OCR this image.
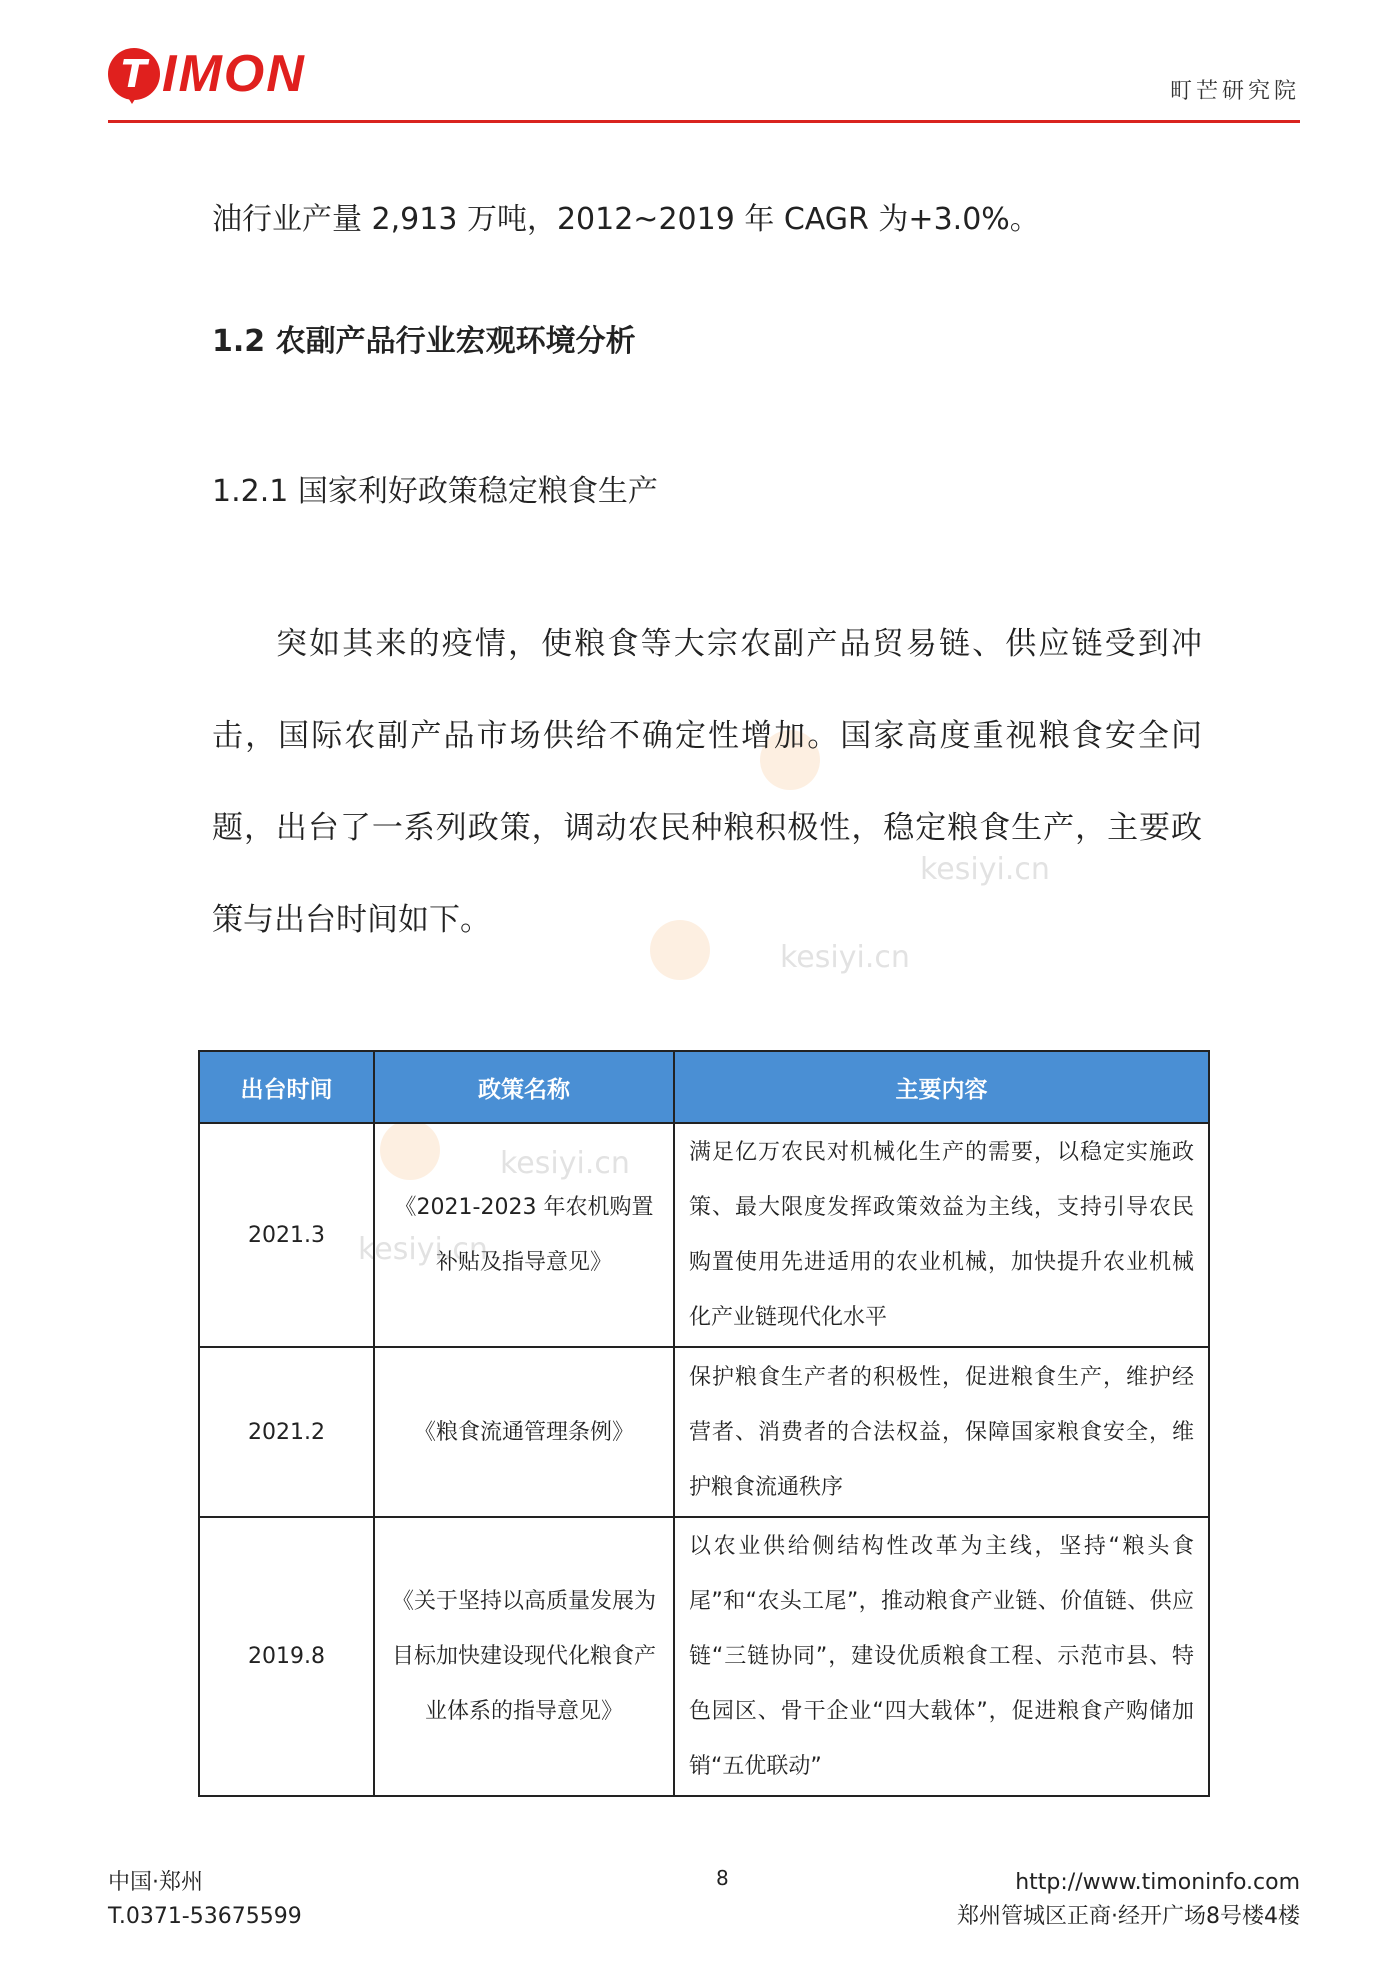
T IMON	町芒研究院
kesiyi.cn
kesiyi.cn
kesiyi.cn
kesiyi.cn
油行业产量 2,913 万吨，2012~2019 年 CAGR 为+3.0%。
1.2 农副产品行业宏观环境分析
1.2.1 国家利好政策稳定粮食生产
突如其来的疫情，使粮食等大宗农副产品贸易链、供应链受到冲击，国际农副产品市场供给不确定性增加。国家高度重视粮食安全问题，出台了一系列政策，调动农民种粮积极性，稳定粮食生产，主要政策与出台时间如下。
出台时间	政策名称	主要内容
2021.3	《2021-2023 年农机购置补贴及指导意见》	满足亿万农民对机械化生产的需要，以稳定实施政策、最大限度发挥政策效益为主线，支持引导农民购置使用先进适用的农业机械，加快提升农业机械化产业链现代化水平
2021.2	《粮食流通管理条例》	保护粮食生产者的积极性，促进粮食生产，维护经营者、消费者的合法权益，保障国家粮食安全，维护粮食流通秩序
2019.8	《关于坚持以高质量发展为目标加快建设现代化粮食产业体系的指导意见》	以农业供给侧结构性改革为主线，坚持“粮头食尾”和“农头工尾”，推动粮食产业链、价值链、供应链“三链协同”，建设优质粮食工程、示范市县、特色园区、骨干企业“四大载体”，促进粮食产购储加销“五优联动”
中国·郑州
T.0371-53675599
8	http://www.timoninfo.com
郑州管城区正商·经开广场8号楼4楼
